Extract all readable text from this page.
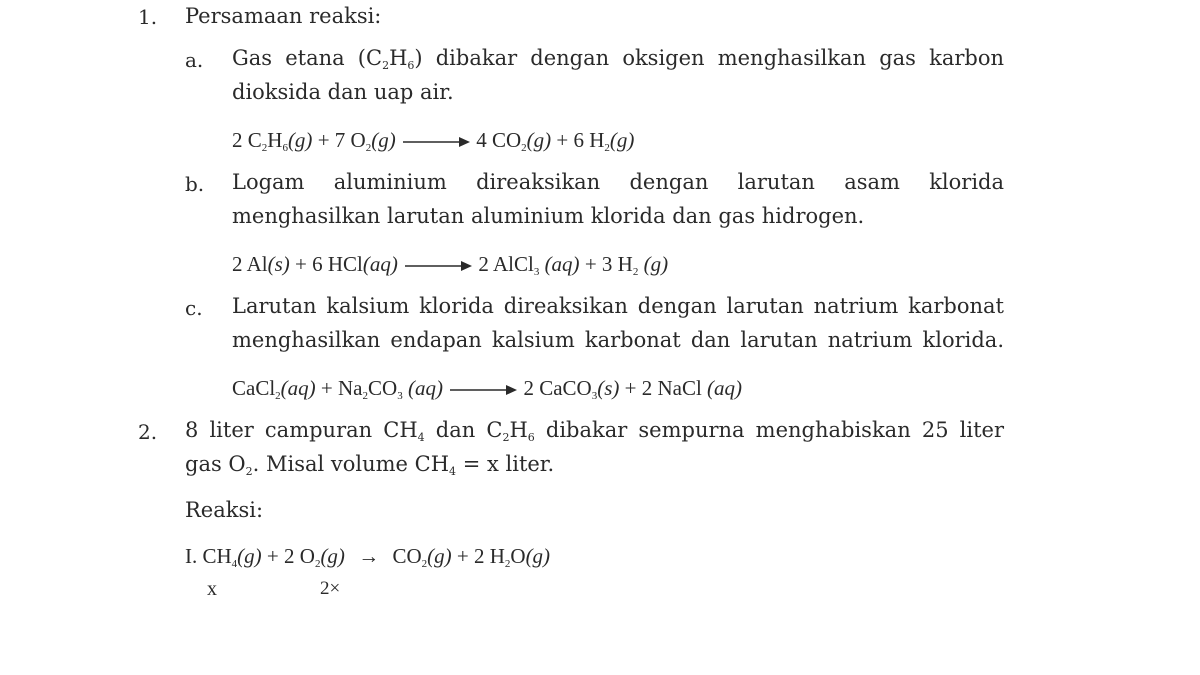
1. Persamaan reaksi:
a. Gas etana $(C_2H_6)$ dibakar dengan oksigen menghasilkan gas karbon
dioksida dan uap air.
2 $C_2H_6(g) + 7$ $O_2(g) \to 4$ $CO_2(g) + 6$ $H_2(g)$
b. Logam aluminium direaksikan dengan larutan asam klorida
menghasilkan larutan aluminium klorida dan gas hidrogen.
2 Al(s) + 6 HCl(aq) → 2 AlCl$_3$ (aq) + 3 $H_2$ (g)
c. Larutan kalsium klorida direaksikan dengan larutan natrium karbonat
menghasilkan endapan kalsium karbonat dan larutan natrium klorida.
CaCl$_2$(aq) + $Na_2CO_3$ (aq) → 2 CaCO$_3$(s) + 2 NaCl (aq)
2. 8 liter campuran $CH_4$ dan $C_2H_6$ dibakar sempurna menghabiskan 25 liter
gas $O_2$. Misal volume $CH_4 = x$ liter.
Reaksi:
I. $CH_4(g) + 2$ $O_2(g) \to CO_2(g) + 2$ $H_2O(g)$
x	2×
